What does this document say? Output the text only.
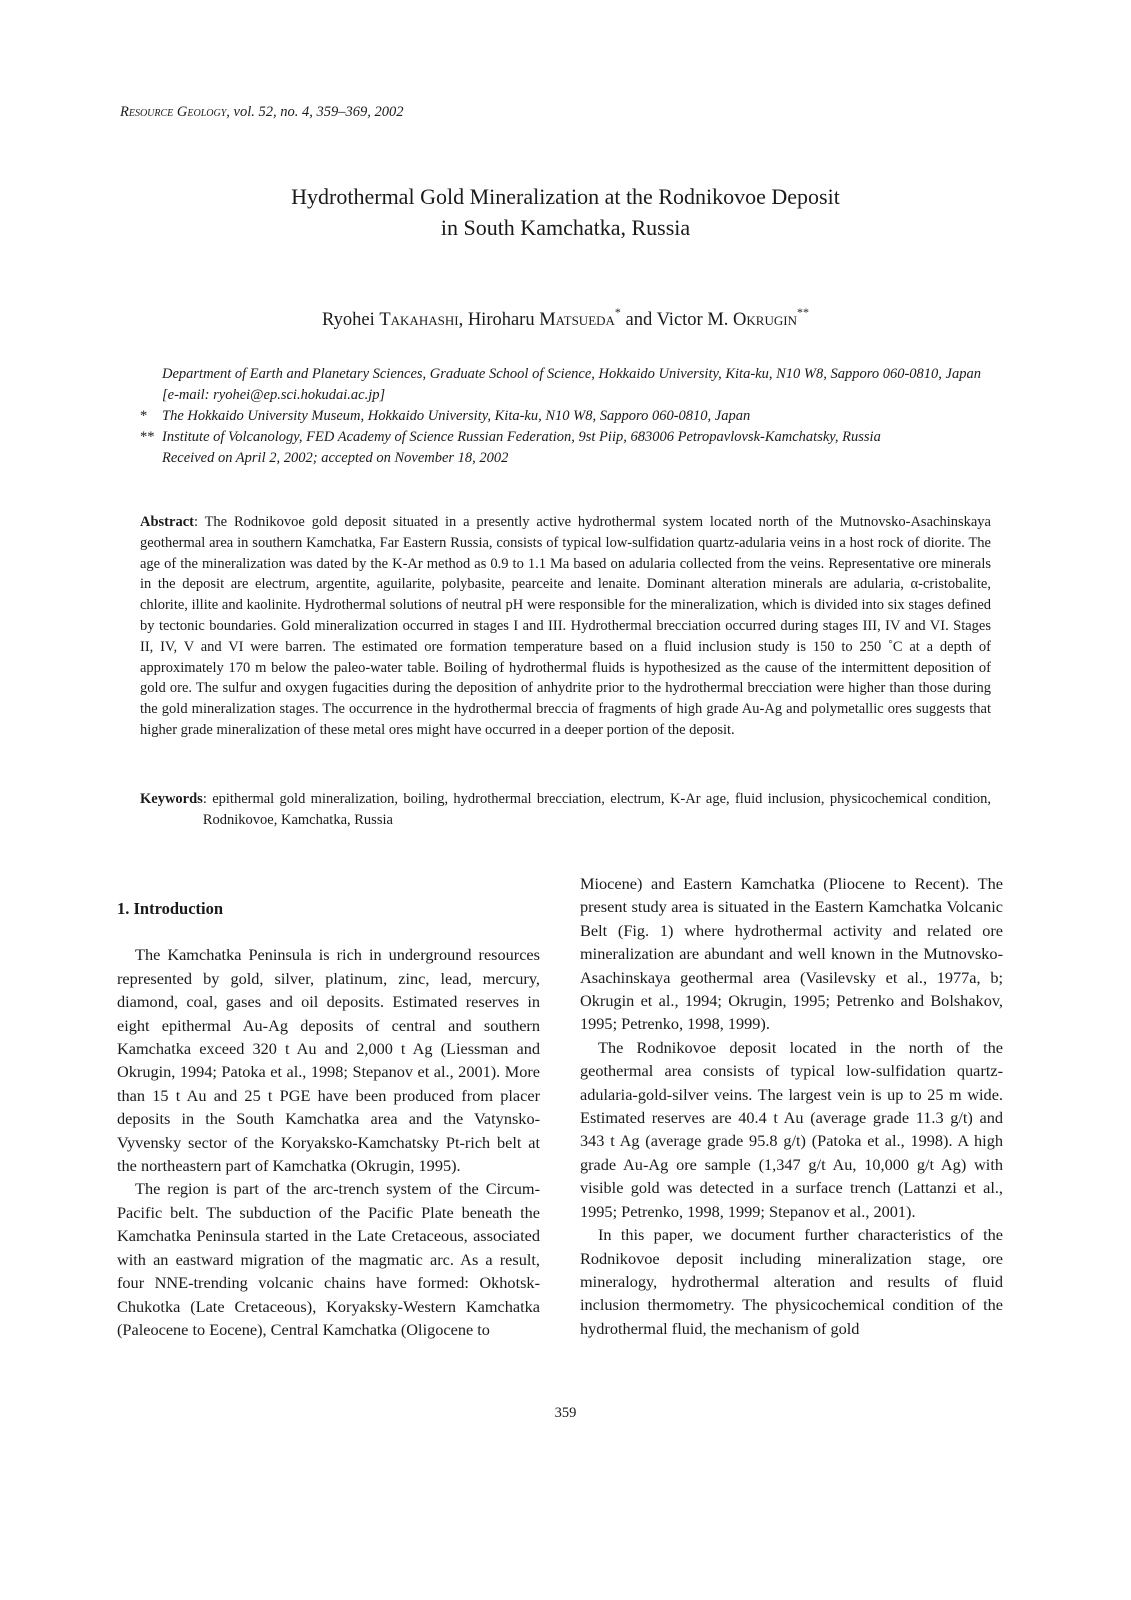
Resource Geology, vol. 52, no. 4, 359–369, 2002
Hydrothermal Gold Mineralization at the Rodnikovoe Deposit
in South Kamchatka, Russia
Ryohei Takahashi, Hiroharu Matsueda* and Victor M. Okrugin**
Department of Earth and Planetary Sciences, Graduate School of Science, Hokkaido University, Kita-ku, N10 W8, Sapporo 060-0810, Japan [e-mail: ryohei@ep.sci.hokudai.ac.jp]
*	The Hokkaido University Museum, Hokkaido University, Kita-ku, N10 W8, Sapporo 060-0810, Japan
** Institute of Volcanology, FED Academy of Science Russian Federation, 9st Piip, 683006 Petropavlovsk-Kamchatsky, Russia
Received on April 2, 2002; accepted on November 18, 2002
Abstract: The Rodnikovoe gold deposit situated in a presently active hydrothermal system located north of the Mutnovsko-Asachinskaya geothermal area in southern Kamchatka, Far Eastern Russia, consists of typical low-sulfidation quartz-adularia veins in a host rock of diorite. The age of the mineralization was dated by the K-Ar method as 0.9 to 1.1 Ma based on adularia collected from the veins. Representative ore minerals in the deposit are electrum, argentite, aguilarite, polybasite, pearceite and lenaite. Dominant alteration minerals are adularia, α-cristobalite, chlorite, illite and kaolinite. Hydrothermal solutions of neutral pH were responsible for the mineralization, which is divided into six stages defined by tectonic boundaries. Gold mineralization occurred in stages I and III. Hydrothermal brecciation occurred during stages III, IV and VI. Stages II, IV, V and VI were barren. The estimated ore formation temperature based on a fluid inclusion study is 150 to 250 ˚C at a depth of approximately 170 m below the paleo-water table. Boiling of hydrothermal fluids is hypothesized as the cause of the intermittent deposition of gold ore. The sulfur and oxygen fugacities during the deposition of anhydrite prior to the hydrothermal brecciation were higher than those during the gold mineralization stages. The occurrence in the hydrothermal breccia of fragments of high grade Au-Ag and polymetallic ores suggests that higher grade mineralization of these metal ores might have occurred in a deeper portion of the deposit.
Keywords : epithermal gold mineralization, boiling, hydrothermal brecciation, electrum, K-Ar age, fluid inclusion, physicochemical condition, Rodnikovoe, Kamchatka, Russia
1. Introduction

The Kamchatka Peninsula is rich in underground resources represented by gold, silver, platinum, zinc, lead, mercury, diamond, coal, gases and oil deposits. Estimated reserves in eight epithermal Au-Ag deposits of central and southern Kamchatka exceed 320 t Au and 2,000 t Ag (Liessman and Okrugin, 1994; Patoka et al., 1998; Stepanov et al., 2001). More than 15 t Au and 25 t PGE have been produced from placer deposits in the South Kamchatka area and the Vatynsko-Vyvensky sector of the Koryaksko-Kamchatsky Pt-rich belt at the northeastern part of Kamchatka (Okrugin, 1995).

The region is part of the arc-trench system of the Circum-Pacific belt. The subduction of the Pacific Plate beneath the Kamchatka Peninsula started in the Late Cretaceous, associated with an eastward migration of the magmatic arc. As a result, four NNE-trending volcanic chains have formed: Okhotsk-Chukotka (Late Cretaceous), Koryaksky-Western Kamchatka (Paleocene to Eocene), Central Kamchatka (Oligocene to

Miocene) and Eastern Kamchatka (Pliocene to Recent). The present study area is situated in the Eastern Kamchatka Volcanic Belt (Fig. 1) where hydrothermal activity and related ore mineralization are abundant and well known in the Mutnovsko-Asachinskaya geothermal area (Vasilevsky et al., 1977a, b; Okrugin et al., 1994; Okrugin, 1995; Petrenko and Bolshakov, 1995; Petrenko, 1998, 1999).

The Rodnikovoe deposit located in the north of the geothermal area consists of typical low-sulfidation quartz-adularia-gold-silver veins. The largest vein is up to 25 m wide. Estimated reserves are 40.4 t Au (average grade 11.3 g/t) and 343 t Ag (average grade 95.8 g/t) (Patoka et al., 1998). A high grade Au-Ag ore sample (1,347 g/t Au, 10,000 g/t Ag) with visible gold was detected in a surface trench (Lattanzi et al., 1995; Petrenko, 1998, 1999; Stepanov et al., 2001).

In this paper, we document further characteristics of the Rodnikovoe deposit including mineralization stage, ore mineralogy, hydrothermal alteration and results of fluid inclusion thermometry. The physicochemical condition of the hydrothermal fluid, the mechanism of gold

359
